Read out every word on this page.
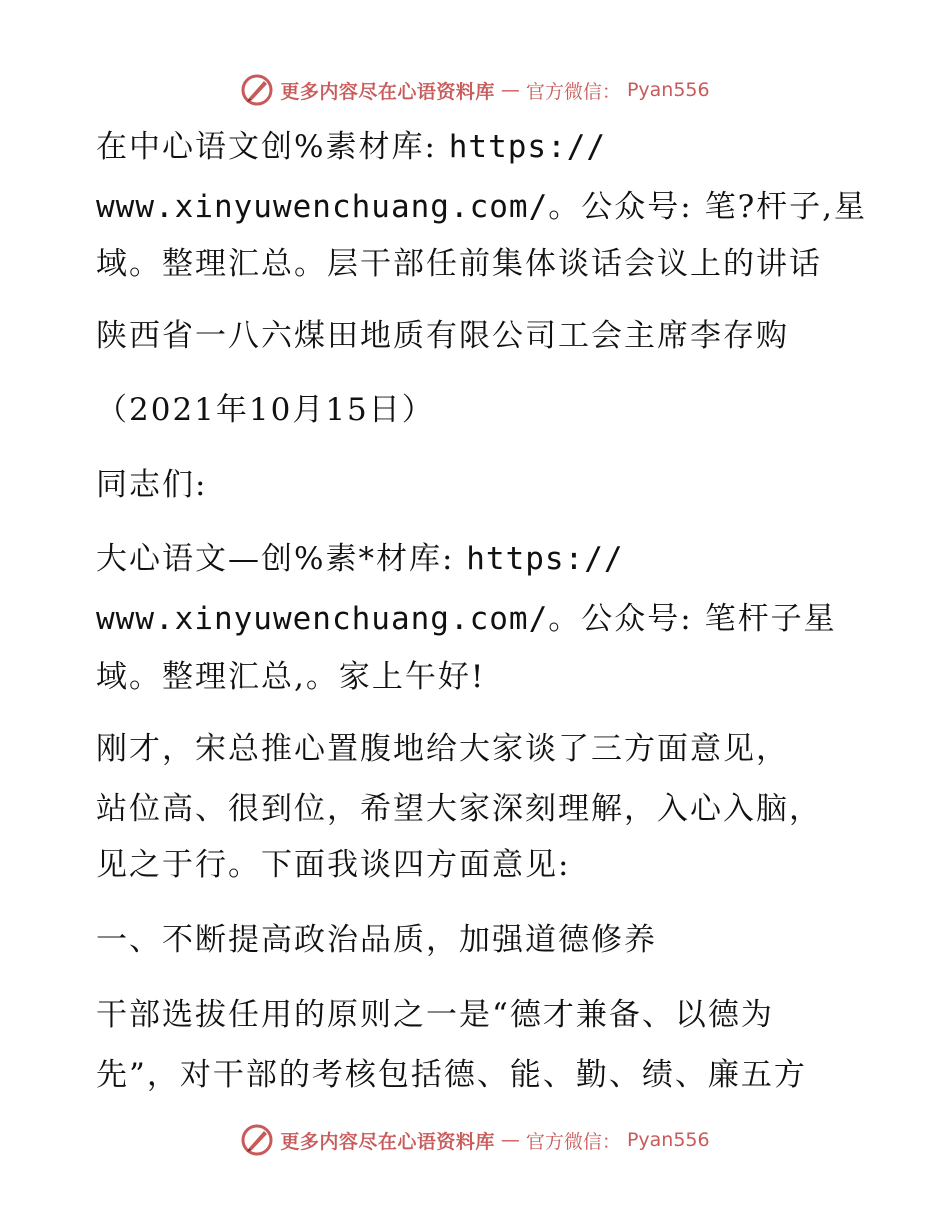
更多内容尽在心语资料库 — 官方微信： Pyan556
在中心语文创%素材库: https://
www.xinyuwenchuang.com/。公众号: 笔?杆子,星
域。整理汇总。层干部任前集体谈话会议上的讲话
陕西省一八六煤田地质有限公司工会主席李存购
（2021年10月15日）
同志们:
大心语文—创%素*材库: https://
www.xinyuwenchuang.com/。公众号: 笔杆子星
域。整理汇总,。家上午好!
刚才，宋总推心置腹地给大家谈了三方面意见，
站位高、很到位，希望大家深刻理解，入心入脑，
见之于行。下面我谈四方面意见:
一、不断提高政治品质，加强道德修养
干部选拔任用的原则之一是“德才兼备、以德为
先”，对干部的考核包括德、能、勤、绩、廉五方
更多内容尽在心语资料库 — 官方微信： Pyan556
